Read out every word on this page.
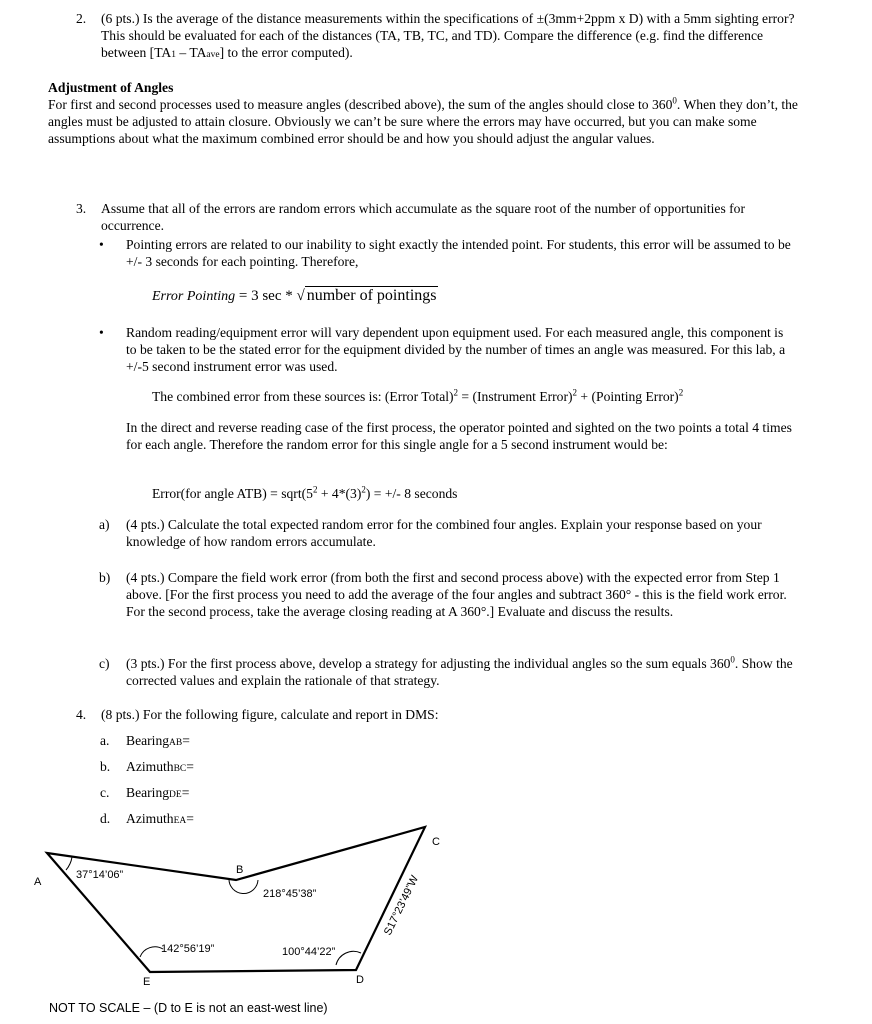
2. (6 pts.) Is the average of the distance measurements within the specifications of ±(3mm+2ppm x D) with a 5mm sighting error? This should be evaluated for each of the distances (TA, TB, TC, and TD). Compare the difference (e.g. find the difference between [TA1 – TAave] to the error computed).
Adjustment of Angles
For first and second processes used to measure angles (described above), the sum of the angles should close to $360^0$. When they don’t, the angles must be adjusted to attain closure. Obviously we can’t be sure where the errors may have occurred, but you can make some assumptions about what the maximum combined error should be and how you should adjust the angular values.
3. Assume that all of the errors are random errors which accumulate as the square root of the number of opportunities for occurrence.
• Pointing errors are related to our inability to sight exactly the intended point. For students, this error will be assumed to be +/- 3 seconds for each pointing. Therefore,
Error Pointing = 3 sec * √ number of pointings
• Random reading/equipment error will vary dependent upon equipment used. For each measured angle, this component is to be taken to be the stated error for the equipment divided by the number of times an angle was measured. For this lab, a +/-5 second instrument error was used.
The combined error from these sources is: (Error Total)$^2$ = (Instrument Error)$^2$ + (Pointing Error)$^2$
In the direct and reverse reading case of the first process, the operator pointed and sighted on the two points a total 4 times for each angle. Therefore the random error for this single angle for a 5 second instrument would be:
Error(for angle $ATB) = sqrt(5^2 + 4*(3)^2)$ = +/- 8 seconds
a) (4 pts.) Calculate the total expected random error for the combined four angles. Explain your response based on your knowledge of how random errors accumulate.
b) (4 pts.) Compare the field work error (from both the first and second process above) with the expected error from Step 1 above. [For the first process you need to add the average of the four angles and subtract 360° - this is the field work error. For the second process, take the average closing reading at A 360°.] Evaluate and discuss the results.
c) (3 pts.) For the first process above, develop a strategy for adjusting the individual angles so the sum equals $360^0$. Show the corrected values and explain the rationale of that strategy.
4. (8 pts.) For the following figure, calculate and report in DMS:
a. BearingAB=
b. AzimuthBC=
c. BearingDE=
d. AzimuthEA=
A
B
C
D
E
37°14’06”
218°45’38”
142°56’19”	100°44’22”
S17°23’49”W
NOT TO SCALE – (D to E is not an east-west line)
